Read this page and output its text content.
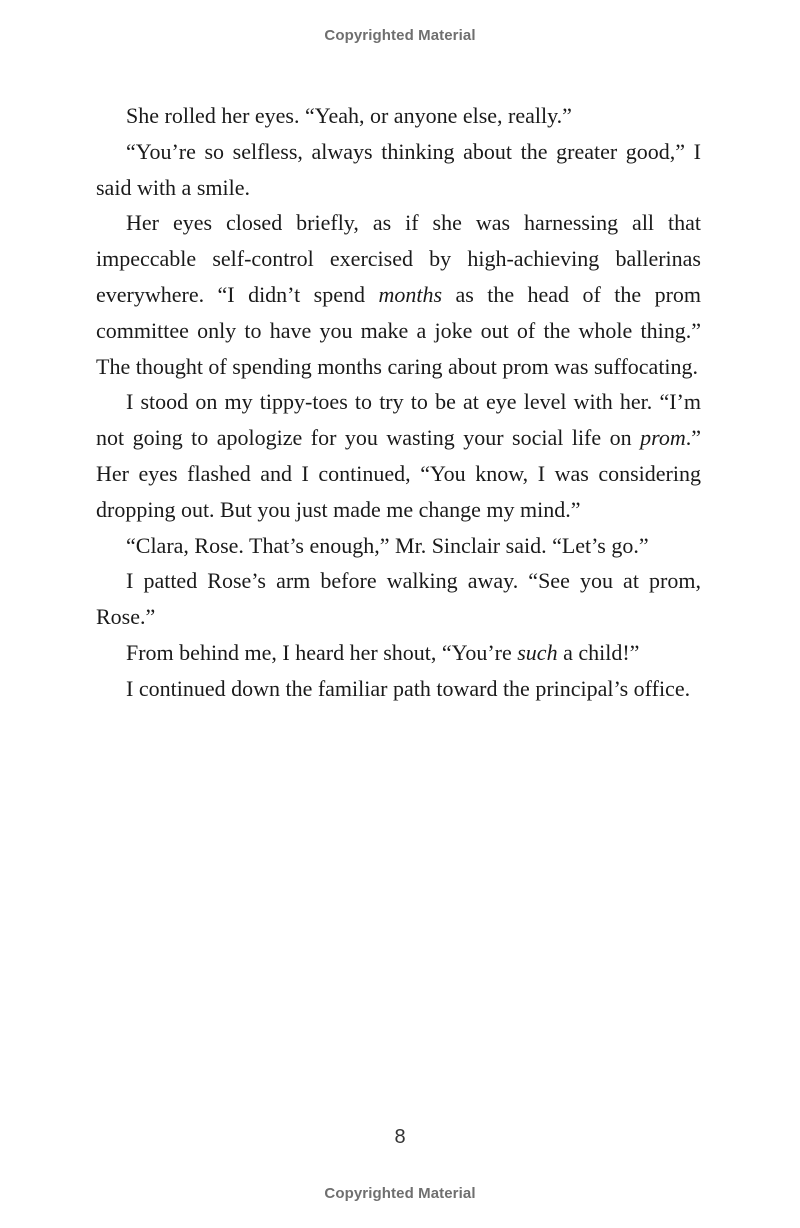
Copyrighted Material

She rolled her eyes. “Yeah, or anyone else, really.”

“You’re so selfless, always thinking about the greater good,” I said with a smile.

Her eyes closed briefly, as if she was harnessing all that impeccable self-control exercised by high-achieving ballerinas everywhere. “I didn’t spend months as the head of the prom committee only to have you make a joke out of the whole thing.” The thought of spending months caring about prom was suffocating.

I stood on my tippy-toes to try to be at eye level with her. “I’m not going to apologize for you wasting your social life on prom.” Her eyes flashed and I continued, “You know, I was considering dropping out. But you just made me change my mind.”

“Clara, Rose. That’s enough,” Mr. Sinclair said. “Let’s go.”

I patted Rose’s arm before walking away. “See you at prom, Rose.”

From behind me, I heard her shout, “You’re such a child!”

I continued down the familiar path toward the principal’s office.

8
Copyrighted Material
